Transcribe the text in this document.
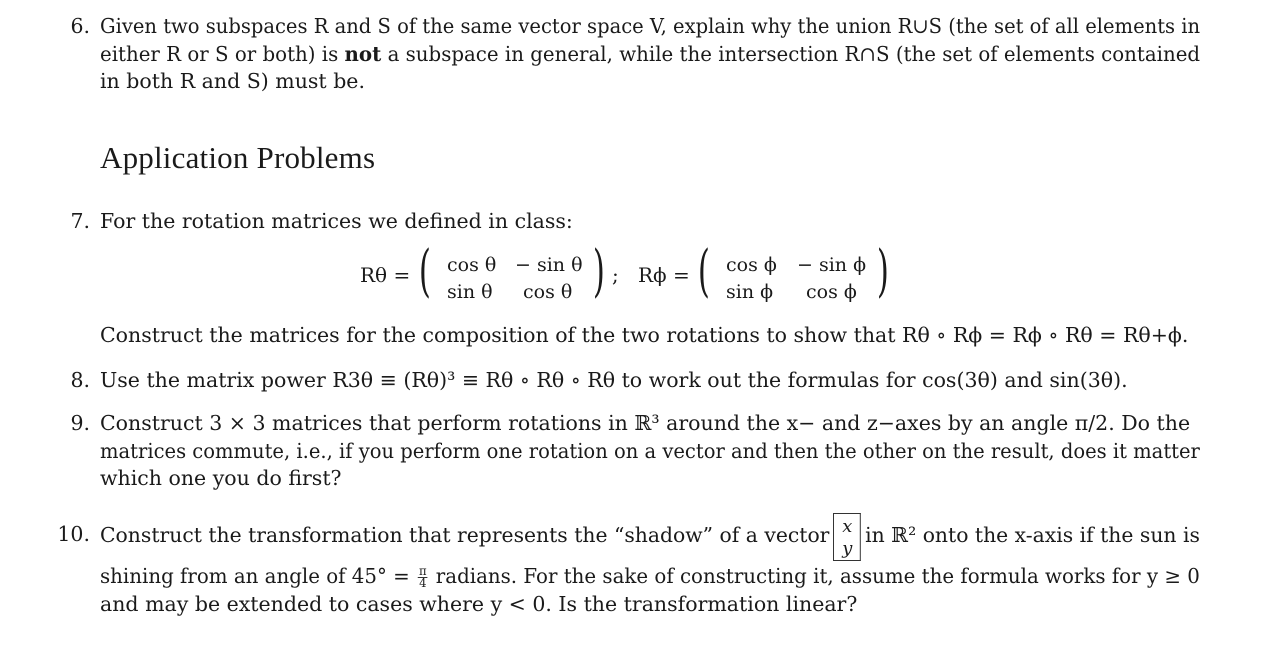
6. Given two subspaces R and S of the same vector space V, explain why the union R∪S (the set of all elements in either R or S or both) is not a subspace in general, while the intersection R∩S (the set of elements contained
in both R and S) must be.
Application Problems
7. For the rotation matrices we defined in class:
Rθ = ( cos θ − sin θ
sin θ cos θ ) ; Rϕ = ( cos ϕ − sin ϕ
sin ϕ cos ϕ )
Construct the matrices for the composition of the two rotations to show that Rθ ∘ Rϕ = Rϕ ∘ Rθ = Rθ+ϕ.
8. Use the matrix power R3θ ≡ (Rθ)³ ≡ Rθ ∘ Rθ ∘ Rθ to work out the formulas for cos(3θ) and sin(3θ).
9. Construct 3 × 3 matrices that perform rotations in ℝ³ around the x− and z−axes by an angle π/2. Do the
matrices commute, i.e., if you perform one rotation on a vector and then the other on the result, does it matter
which one you do first?
10. Construct the transformation that represents the “shadow” of a vector x
y
in ℝ² onto the x-axis if the sun is
shining from an angle of $45^\circ = \frac{\pi}{4}$ radians. For the sake of constructing it, assume the formula works for y ≥ 0
and may be extended to cases where y < 0. Is the transformation linear?
